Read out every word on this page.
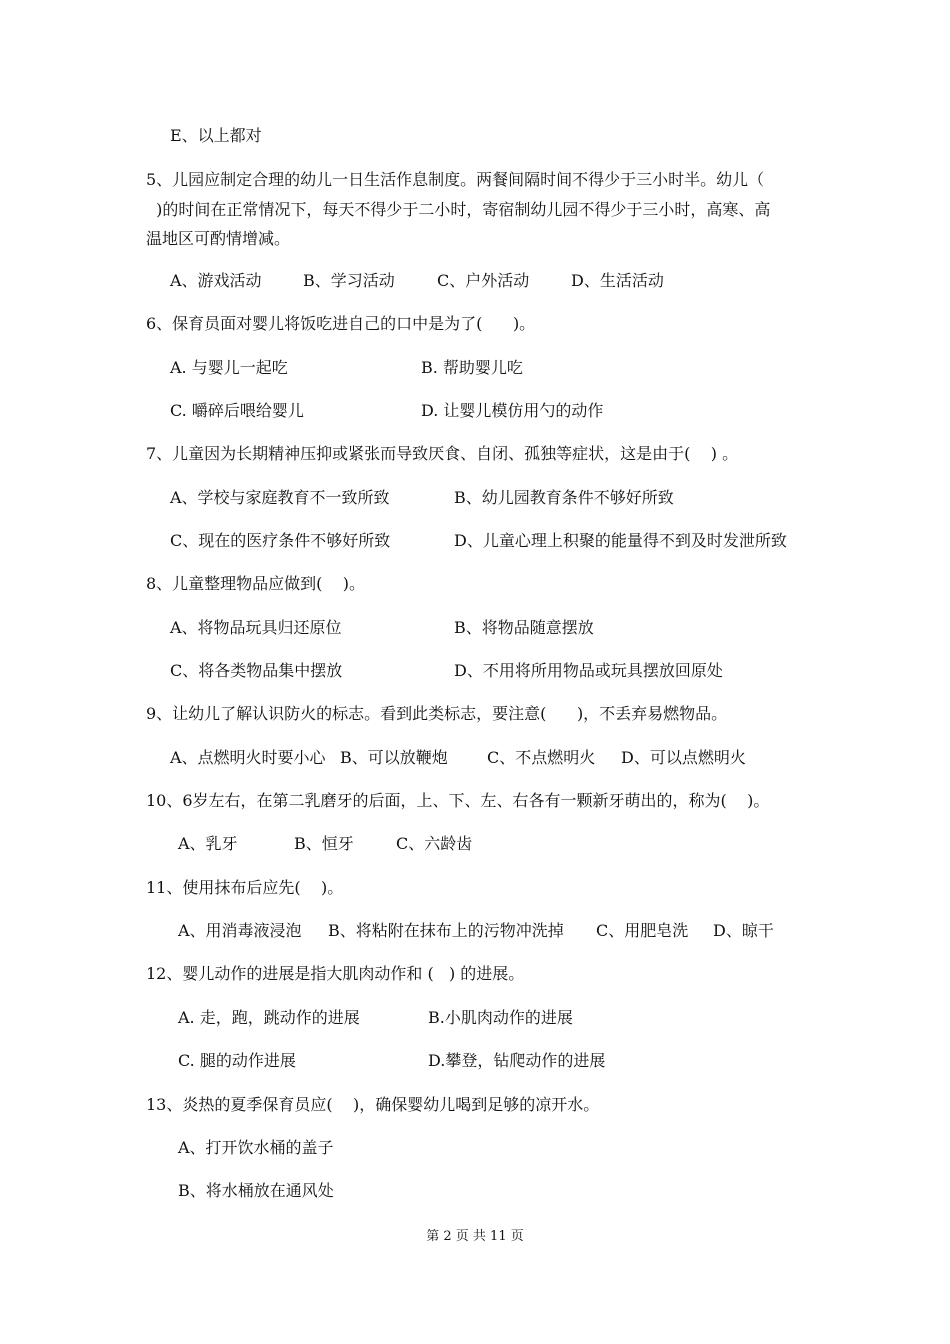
E、以上都对
5、儿园应制定合理的幼儿一日生活作息制度。两餐间隔时间不得少于三小时半。幼儿（
)的时间在正常情况下，每天不得少于二小时，寄宿制幼儿园不得少于三小时，高寒、高
温地区可酌情增减。
A、游戏活动	B、学习活动	C、户外活动	D、生活活动
6、保育员面对婴儿将饭吃进自己的口中是为了(      )。
A. 与婴儿一起吃	B. 帮助婴儿吃
C. 嚼碎后喂给婴儿	D. 让婴儿模仿用勺的动作
7、儿童因为长期精神压抑或紧张而导致厌食、自闭、孤独等症状，这是由于(    ) 。
A、学校与家庭教育不一致所致	B、幼儿园教育条件不够好所致
C、现在的医疗条件不够好所致	D、儿童心理上积聚的能量得不到及时发泄所致
8、儿童整理物品应做到(    )。
A、将物品玩具归还原位	B、将物品随意摆放
C、将各类物品集中摆放	D、不用将所用物品或玩具摆放回原处
9、让幼儿了解认识防火的标志。看到此类标志，要注意(      )，不丢弃易燃物品。
A、点燃明火时要小心 B、可以放鞭炮 C、不点燃明火 D、可以点燃明火
10、6岁左右，在第二乳磨牙的后面，上、下、左、右各有一颗新牙萌出的，称为(    )。
A、乳牙	B、恒牙	C、六龄齿
11、使用抹布后应先(    )。
A、用消毒液浸泡 B、将粘附在抹布上的污物冲洗掉 C、用肥皂洗 D、晾干
12、婴儿动作的进展是指大肌肉动作和 (   ) 的进展。
A. 走，跑，跳动作的进展	B.小肌肉动作的进展
C. 腿的动作进展	D.攀登，钻爬动作的进展
13、炎热的夏季保育员应(    )，确保婴幼儿喝到足够的凉开水。
A、打开饮水桶的盖子
B、将水桶放在通风处
第 2 页 共 11 页
